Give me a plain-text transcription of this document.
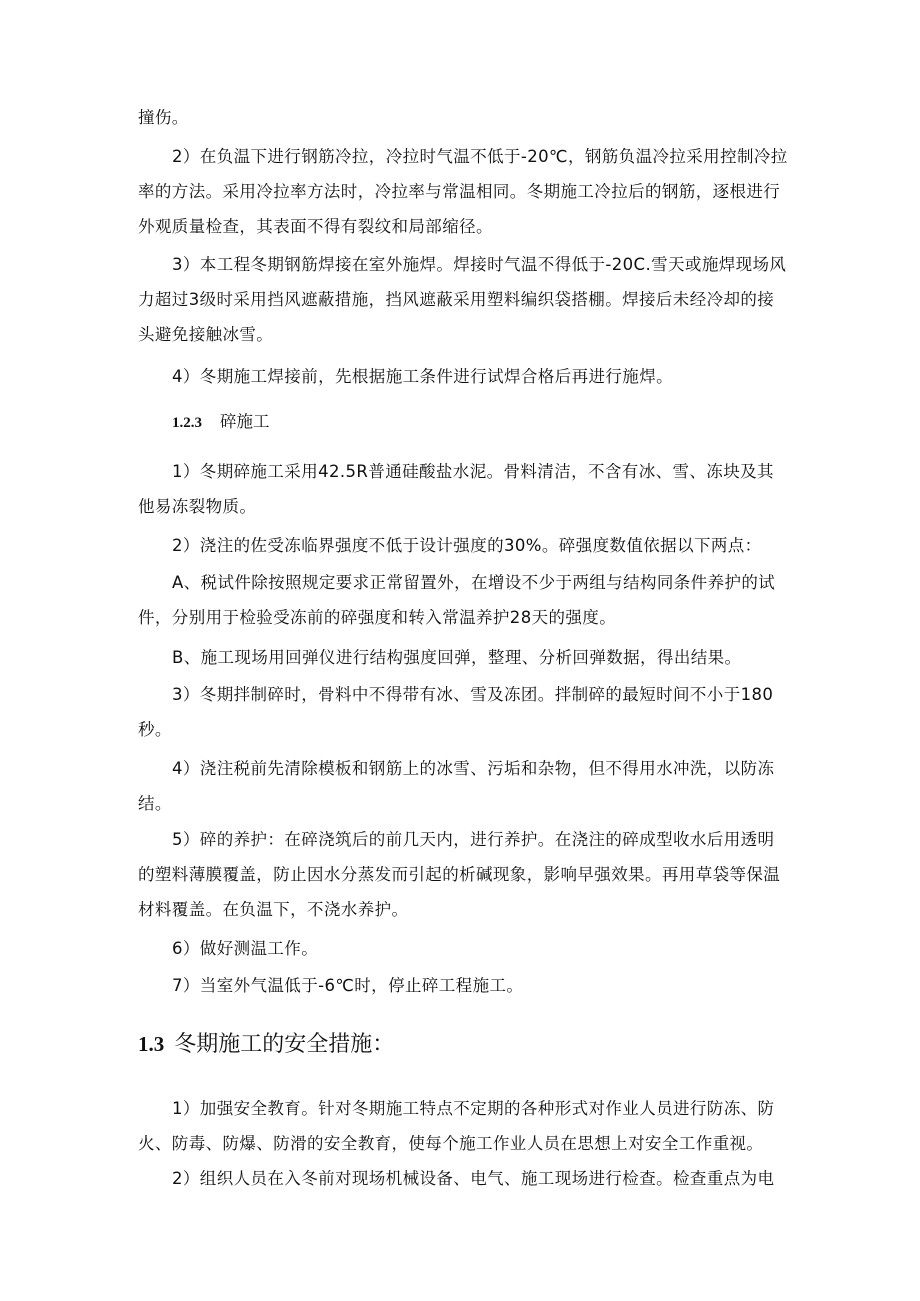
撞伤。

2）在负温下进行钢筋冷拉，冷拉时气温不低于-20℃，钢筋负温冷拉采用控制冷拉率的方法。采用冷拉率方法时，冷拉率与常温相同。冬期施工冷拉后的钢筋，逐根进行外观质量检查，其表面不得有裂纹和局部缩径。

3）本工程冬期钢筋焊接在室外施焊。焊接时气温不得低于-20C.雪天或施焊现场风力超过3级时采用挡风遮蔽措施，挡风遮蔽采用塑料编织袋搭棚。焊接后未经冷却的接头避免接触冰雪。

4）冬期施工焊接前，先根据施工条件进行试焊合格后再进行施焊。

1.2.3 碎施工

1）冬期碎施工采用42.5R普通硅酸盐水泥。骨料清洁，不含有冰、雪、冻块及其他易冻裂物质。

2）浇注的佐受冻临界强度不低于设计强度的30%。碎强度数值依据以下两点：

A、税试件除按照规定要求正常留置外，在增设不少于两组与结构同条件养护的试件，分别用于检验受冻前的碎强度和转入常温养护28天的强度。

B、施工现场用回弹仪进行结构强度回弹，整理、分析回弹数据，得出结果。

3）冬期拌制碎时，骨料中不得带有冰、雪及冻团。拌制碎的最短时间不小于180秒。

4）浇注税前先清除模板和钢筋上的冰雪、污垢和杂物，但不得用水冲洗，以防冻结。

5）碎的养护：在碎浇筑后的前几天内，进行养护。在浇注的碎成型收水后用透明的塑料薄膜覆盖，防止因水分蒸发而引起的析碱现象，影响早强效果。再用草袋等保温材料覆盖。在负温下，不浇水养护。

6）做好测温工作。

7）当室外气温低于-6℃时，停止碎工程施工。

1.3 冬期施工的安全措施：

1）加强安全教育。针对冬期施工特点不定期的各种形式对作业人员进行防冻、防火、防毒、防爆、防滑的安全教育，使每个施工作业人员在思想上对安全工作重视。

2）组织人员在入冬前对现场机械设备、电气、施工现场进行检查。检查重点为电
